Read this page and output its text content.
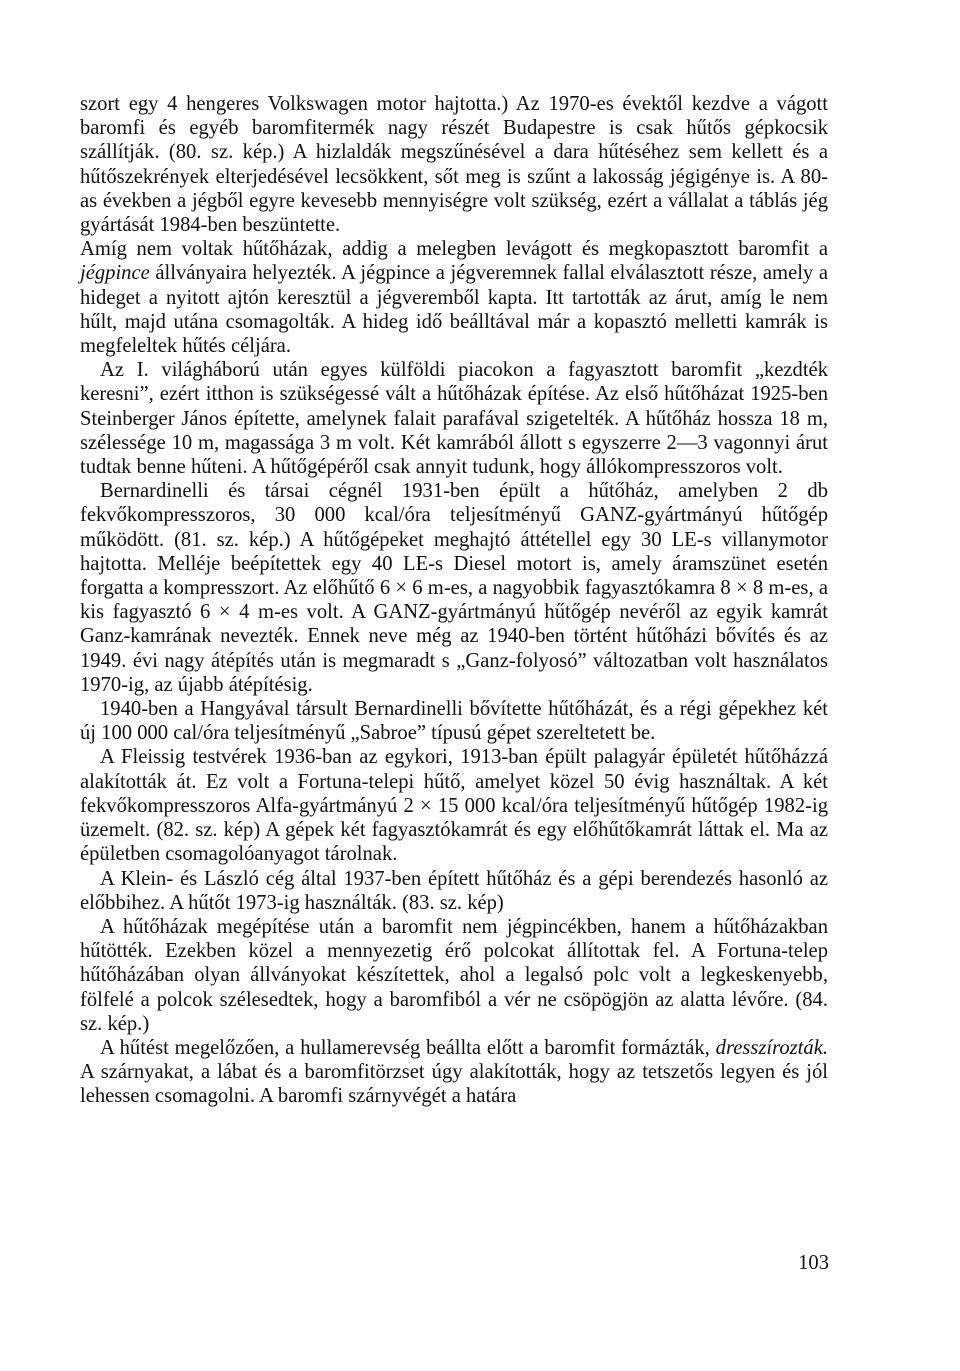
szort egy 4 hengeres Volkswagen motor hajtotta.) Az 1970-es évektől kezdve a vágott baromfi és egyéb baromfitermék nagy részét Budapestre is csak hűtős gépkocsik szállítják. (80. sz. kép.) A hizlaldák megszűnésével a dara hűtéséhez sem kellett és a hűtőszekrények elterjedésével lecsökkent, sőt meg is szűnt a lakosság jégigénye is. A 80-as években a jégből egyre kevesebb mennyiségre volt szükség, ezért a vállalat a táblás jég gyártását 1984-ben beszüntette.

Amíg nem voltak hűtőházak, addig a melegben levágott és megkopasztott baromfit a jégpince állványaira helyezték. A jégpince a jégveremnek fallal elválasztott része, amely a hideget a nyitott ajtón keresztül a jégveremből kapta. Itt tartották az árut, amíg le nem hűlt, majd utána csomagolták. A hideg idő beálltával már a kopasztó melletti kamrák is megfeleltek hűtés céljára.

Az I. világháború után egyes külföldi piacokon a fagyasztott baromfit „kezdték keresni”, ezért itthon is szükségessé vált a hűtőházak építése. Az első hűtőházat 1925-ben Steinberger János építette, amelynek falait parafával szigetelték. A hűtőház hossza 18 m, szélessége 10 m, magassága 3 m volt. Két kamrából állott s egyszerre 2—3 vagonnyi árut tudtak benne hűteni. A hűtőgépéről csak annyit tudunk, hogy állókompresszoros volt.

Bernardinelli és társai cégnél 1931-ben épült a hűtőház, amelyben 2 db fekvőkompresszoros, 30 000 kcal/óra teljesítményű GANZ-gyártmányú hűtőgép működött. (81. sz. kép.) A hűtőgépeket meghajtó áttétellel egy 30 LE-s villanymotor hajtotta. Melléje beépítettek egy 40 LE-s Diesel motort is, amely áramszünet esetén forgatta a kompresszort. Az előhűtő 6 × 6 m-es, a nagyobbik fagyasztókamra 8 × 8 m-es, a kis fagyasztó 6 × 4 m-es volt. A GANZ-gyártmányú hűtőgép nevéről az egyik kamrát Ganz-kamrának nevezték. Ennek neve még az 1940-ben történt hűtőházi bővítés és az 1949. évi nagy átépítés után is megmaradt s „Ganz-folyosó” változatban volt használatos 1970-ig, az újabb átépítésig.

1940-ben a Hangyával társult Bernardinelli bővítette hűtőházát, és a régi gépekhez két új 100 000 cal/óra teljesítményű „Sabroe” típusú gépet szereltetett be.

A Fleissig testvérek 1936-ban az egykori, 1913-ban épült palagyár épületét hűtőházzá alakították át. Ez volt a Fortuna-telepi hűtő, amelyet közel 50 évig használtak. A két fekvőkompresszoros Alfa-gyártmányú 2 × 15 000 kcal/óra teljesítményű hűtőgép 1982-ig üzemelt. (82. sz. kép) A gépek két fagyasztókamrát és egy előhűtőkamrát láttak el. Ma az épületben csomagolóanyagot tárolnak.

A Klein- és László cég által 1937-ben épített hűtőház és a gépi berendezés hasonló az előbbihez. A hűtőt 1973-ig használták. (83. sz. kép)

A hűtőházak megépítése után a baromfit nem jégpincékben, hanem a hűtőházakban hűtötték. Ezekben közel a mennyezetig érő polcokat állítottak fel. A Fortuna-telep hűtőházában olyan állványokat készítettek, ahol a legalsó polc volt a legkeskenyebb, fölfelé a polcok szélesedtek, hogy a baromfiból a vér ne csöpögjön az alatta lévőre. (84. sz. kép.)

A hűtést megelőzően, a hullamerevség beállta előtt a baromfit formázták, dresszírozták. A szárnyakat, a lábat és a baromfitörzset úgy alakították, hogy az tetszetős legyen és jól lehessen csomagolni. A baromfi szárnyvégét a határa

103
